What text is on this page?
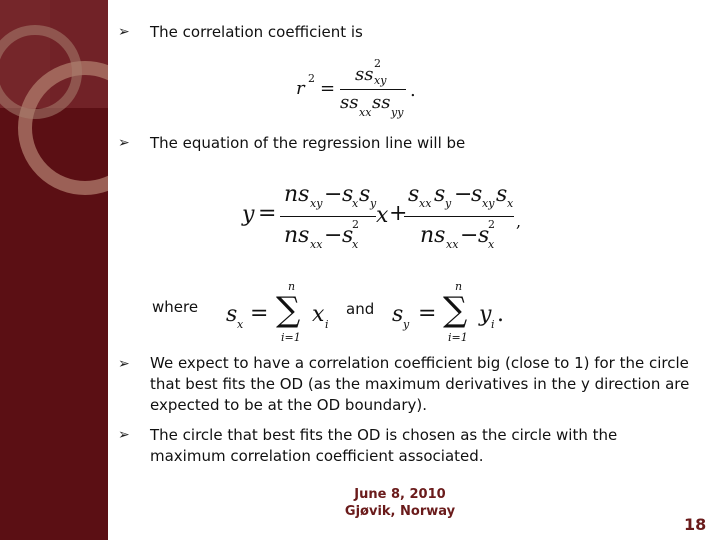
➢ The correlation coefficient is
r 2 =
ss
2
xy
ss xx ss yy
.
➢ The equation of the regression line will be
y =
ns xy − s
x s y
ns xx − s
2
x
x +
s xx s y −
s xy s x
ns xx − s
2
x
,
where s x =
n
∑
i=1
x i
and s y =
n
∑
i=1
y i .
➢ We expect to have a correlation coefficient big (close to 1) for the circle that best fits the OD (as the maximum derivatives in the y direction are expected to be at the OD boundary).
➢ The circle that best fits the OD is chosen as the circle with the maximum correlation coefficient associated.
June 8, 2010
Gjøvik, Norway
18
